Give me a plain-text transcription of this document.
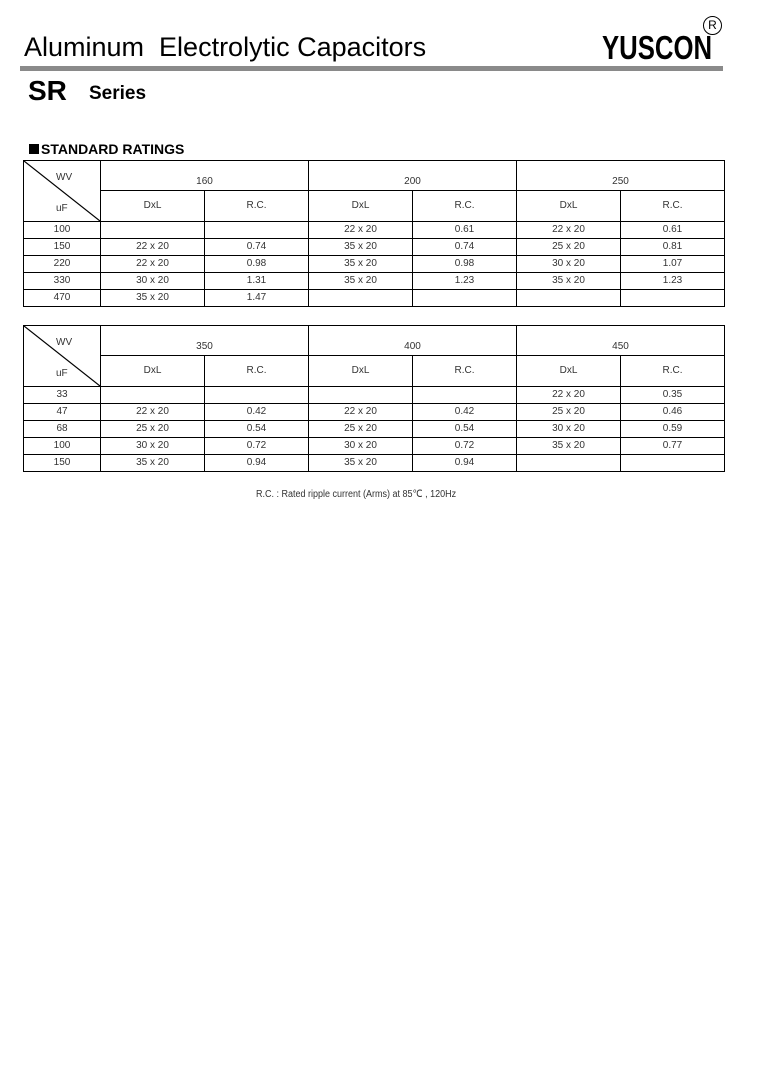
Aluminum  Electrolytic Capacitors	YUSCON
R
SR Series
STANDARD RATINGS
WV
uF	160		200		250	
	DxL	R.C.	DxL	R.C.	DxL	R.C.
100			22 x 20	0.61	22 x 20	0.61
150	22 x 20	0.74	35 x 20	0.74	25 x 20	0.81
220	22 x 20	0.98	35 x 20	0.98	30 x 20	1.07
330	30 x 20	1.31	35 x 20	1.23	35 x 20	1.23
470	35 x 20	1.47				
WV
uF	350		400		450	
	DxL	R.C.	DxL	R.C.	DxL	R.C.
33					22 x 20	0.35
47	22 x 20	0.42	22 x 20	0.42	25 x 20	0.46
68	25 x 20	0.54	25 x 20	0.54	30 x 20	0.59
100	30 x 20	0.72	30 x 20	0.72	35 x 20	0.77
150	35 x 20	0.94	35 x 20	0.94		
R.C. : Rated ripple current (Arms) at 85℃ , 120Hz
